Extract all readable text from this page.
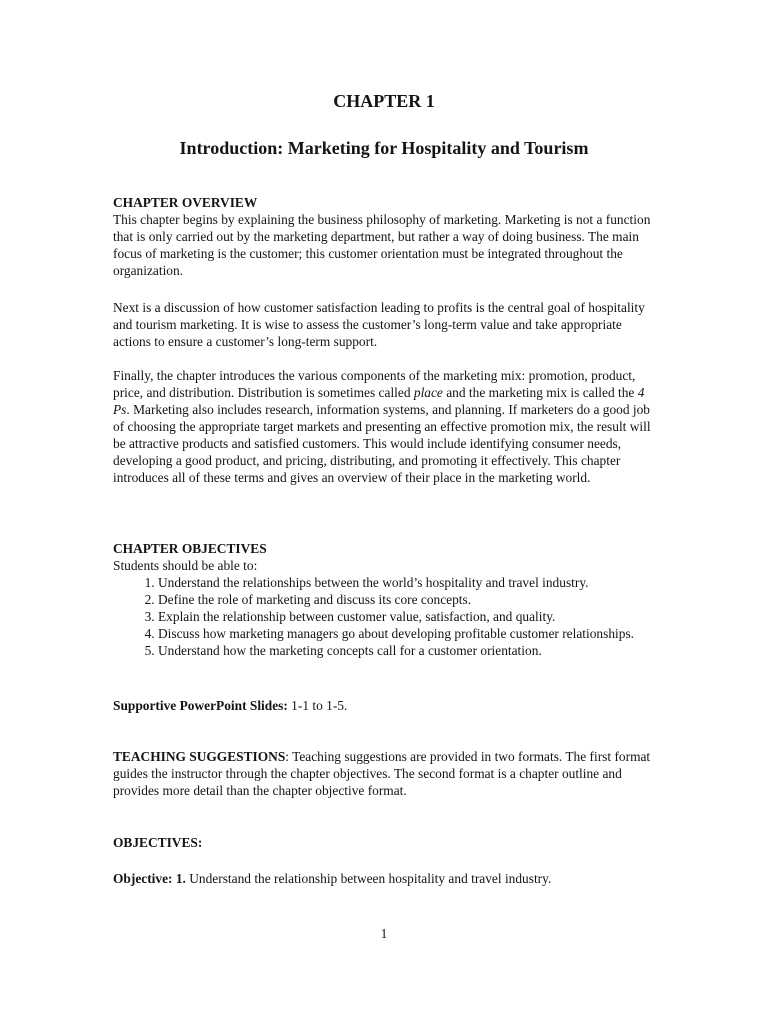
CHAPTER 1
Introduction: Marketing for Hospitality and Tourism
CHAPTER OVERVIEW

This chapter begins by explaining the business philosophy of marketing. Marketing is not a function that is only carried out by the marketing department, but rather a way of doing business. The main focus of marketing is the customer; this customer orientation must be integrated throughout the organization.

Next is a discussion of how customer satisfaction leading to profits is the central goal of hospitality and tourism marketing. It is wise to assess the customer’s long-term value and take appropriate actions to ensure a customer’s long-term support.

Finally, the chapter introduces the various components of the marketing mix: promotion, product, price, and distribution. Distribution is sometimes called place and the marketing mix is called the 4 Ps. Marketing also includes research, information systems, and planning. If marketers do a good job of choosing the appropriate target markets and presenting an effective promotion mix, the result will be attractive products and satisfied customers. This would include identifying consumer needs, developing a good product, and pricing, distributing, and promoting it effectively. This chapter introduces all of these terms and gives an overview of their place in the marketing world.

CHAPTER OBJECTIVES

Students should be able to:

1. Understand the relationships between the world’s hospitality and travel industry.
2. Define the role of marketing and discuss its core concepts.
3. Explain the relationship between customer value, satisfaction, and quality.
4. Discuss how marketing managers go about developing profitable customer relationships.
5. Understand how the marketing concepts call for a customer orientation.

Supportive PowerPoint Slides: 1-1 to 1-5.

TEACHING SUGGESTIONS: Teaching suggestions are provided in two formats. The first format guides the instructor through the chapter objectives. The second format is a chapter outline and provides more detail than the chapter objective format.

OBJECTIVES:

Objective: 1. Understand the relationship between hospitality and travel industry.

1
